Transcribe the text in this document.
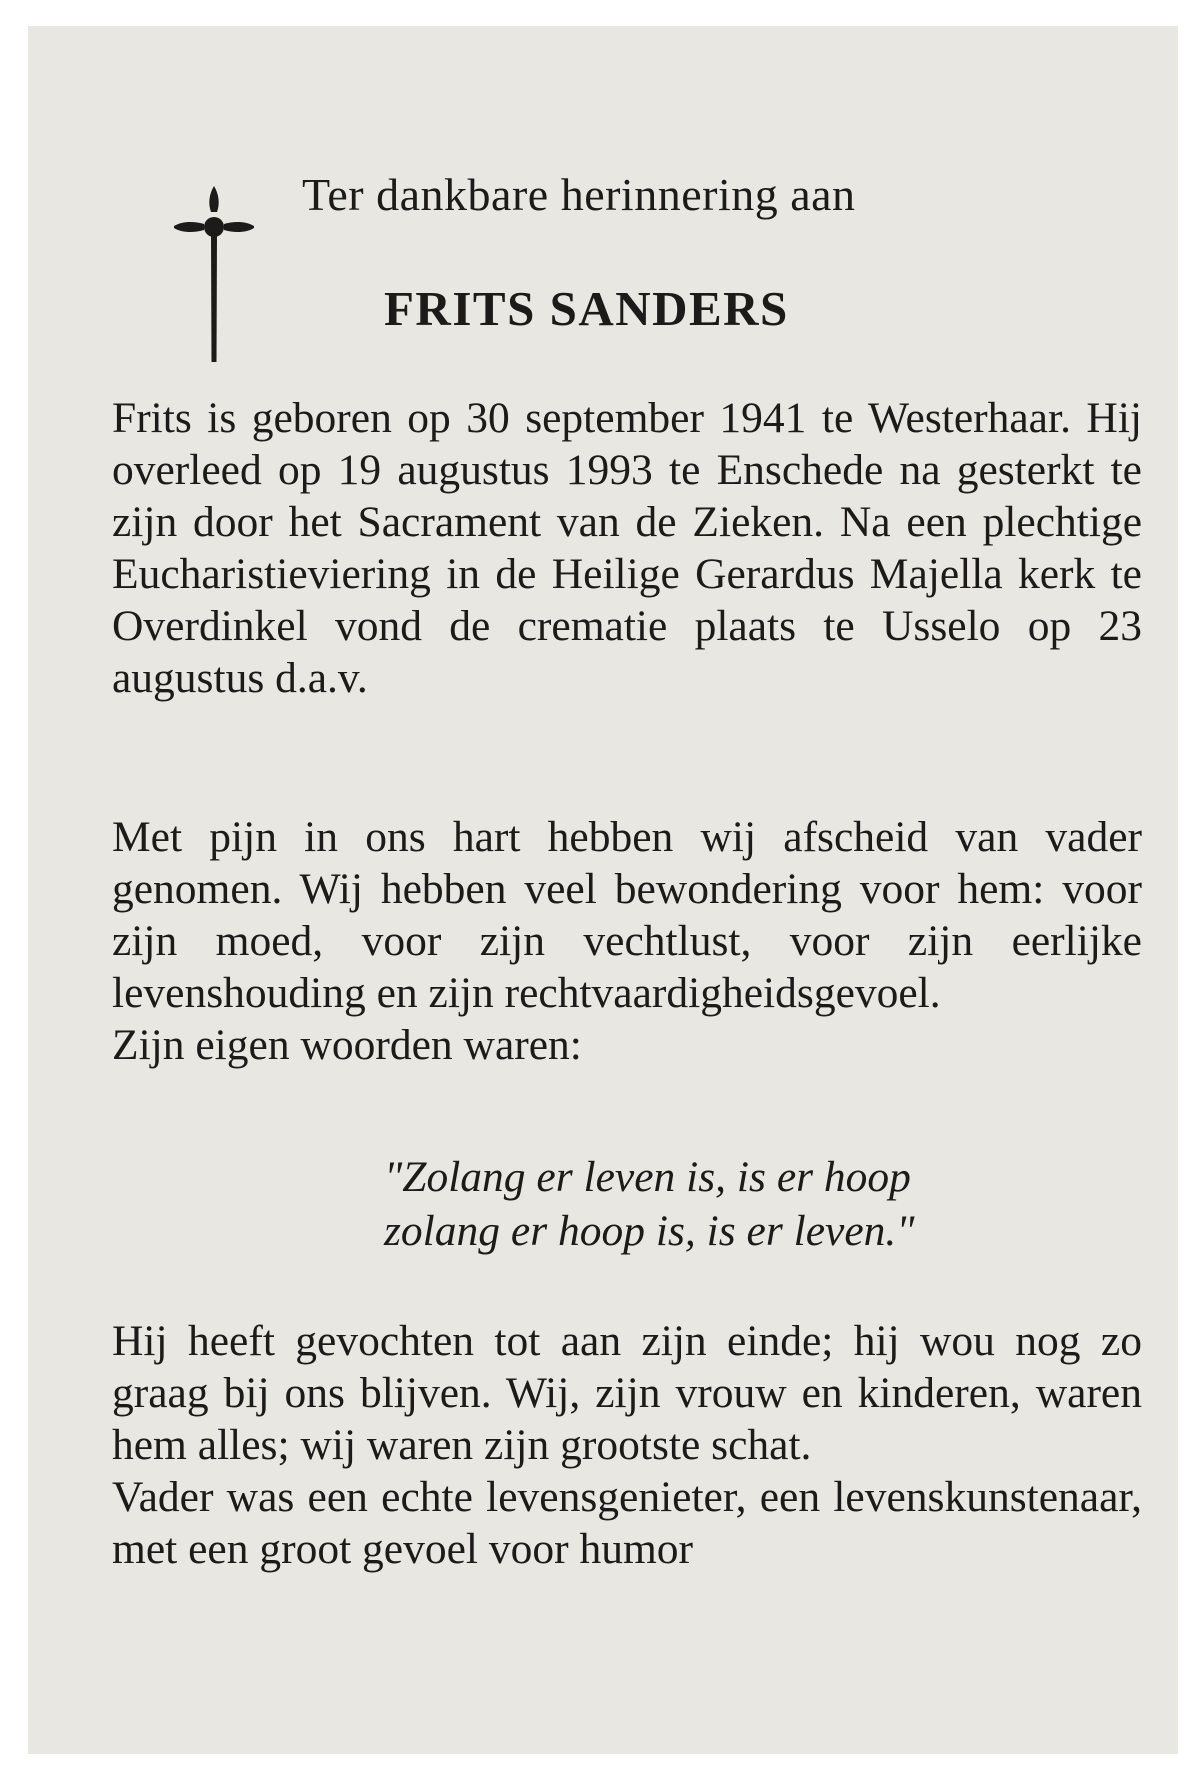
Ter dankbare herinnering aan

FRITS SANDERS

Frits is geboren op 30 september 1941 te Westerhaar. Hij overleed op 19 augustus 1993 te Enschede na gesterkt te zijn door het Sacrament van de Zieken. Na een plechtige Eucharistieviering in de Heilige Gerardus Majella kerk te Overdinkel vond de crematie plaats te Usselo op 23 augustus d.a.v.

Met pijn in ons hart hebben wij afscheid van vader genomen. Wij hebben veel bewondering voor hem: voor zijn moed, voor zijn vechtlust, voor zijn eerlijke levenshouding en zijn rechtvaardigheidsgevoel.
Zijn eigen woorden waren:

"Zolang er leven is, is er hoop
zolang er hoop is, is er leven."

Hij heeft gevochten tot aan zijn einde; hij wou nog zo graag bij ons blijven. Wij, zijn vrouw en kinderen, waren hem alles; wij waren zijn grootste schat.
Vader was een echte levensgenieter, een levenskunstenaar, met een groot gevoel voor humor
